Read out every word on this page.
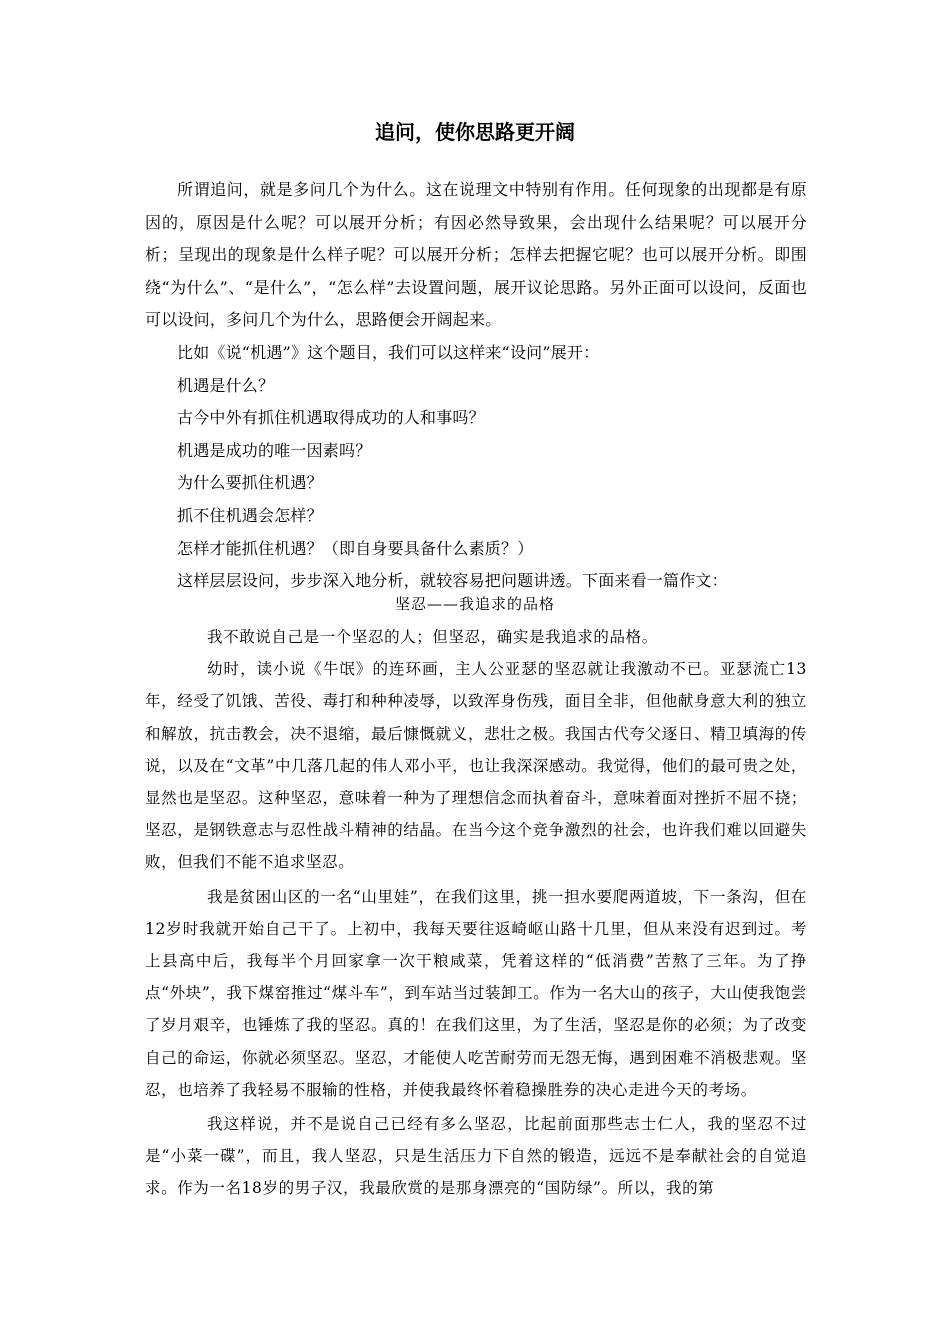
追问，使你思路更开阔

所谓追问，就是多问几个为什么。这在说理文中特别有作用。任何现象的出现都是有原因的，原因是什么呢？可以展开分析；有因必然导致果，会出现什么结果呢？可以展开分析；呈现出的现象是什么样子呢？可以展开分析；怎样去把握它呢？也可以展开分析。即围绕“为什么”、“是什么”，“怎么样”去设置问题，展开议论思路。另外正面可以设问，反面也可以设问，多问几个为什么，思路便会开阔起来。

比如《说“机遇”》这个题目，我们可以这样来“设问”展开：

机遇是什么？

古今中外有抓住机遇取得成功的人和事吗？

机遇是成功的唯一因素吗？

为什么要抓住机遇？

抓不住机遇会怎样？

怎样才能抓住机遇？（即自身要具备什么素质？）

这样层层设问，步步深入地分析，就较容易把问题讲透。下面来看一篇作文：

坚忍——我追求的品格

我不敢说自己是一个坚忍的人；但坚忍，确实是我追求的品格。

幼时，读小说《牛氓》的连环画，主人公亚瑟的坚忍就让我激动不已。亚瑟流亡13年，经受了饥饿、苦役、毒打和种种凌辱，以致浑身伤残，面目全非，但他献身意大利的独立和解放，抗击教会，决不退缩，最后慷慨就义，悲壮之极。我国古代夸父逐日、精卫填海的传说，以及在“文革”中几落几起的伟人邓小平，也让我深深感动。我觉得，他们的最可贵之处，显然也是坚忍。这种坚忍，意味着一种为了理想信念而执着奋斗，意味着面对挫折不屈不挠；坚忍，是钢铁意志与忍性战斗精神的结晶。在当今这个竞争激烈的社会，也许我们难以回避失败，但我们不能不追求坚忍。

我是贫困山区的一名“山里娃”，在我们这里，挑一担水要爬两道坡，下一条沟，但在12岁时我就开始自己干了。上初中，我每天要往返崎岖山路十几里，但从来没有迟到过。考上县高中后，我每半个月回家拿一次干粮咸菜，凭着这样的“低消费”苦熬了三年。为了挣点“外块”，我下煤窑推过“煤斗车”，到车站当过装卸工。作为一名大山的孩子，大山使我饱尝了岁月艰辛，也锤炼了我的坚忍。真的！在我们这里，为了生活，坚忍是你的必须；为了改变自己的命运，你就必须坚忍。坚忍，才能使人吃苦耐劳而无怨无悔，遇到困难不消极悲观。坚忍，也培养了我轻易不服输的性格，并使我最终怀着稳操胜券的决心走进今天的考场。

我这样说，并不是说自己已经有多么坚忍，比起前面那些志士仁人，我的坚忍不过是“小菜一碟”，而且，我人坚忍，只是生活压力下自然的锻造，远远不是奉献社会的自觉追求。作为一名18岁的男子汉，我最欣赏的是那身漂亮的“国防绿”。所以，我的第
